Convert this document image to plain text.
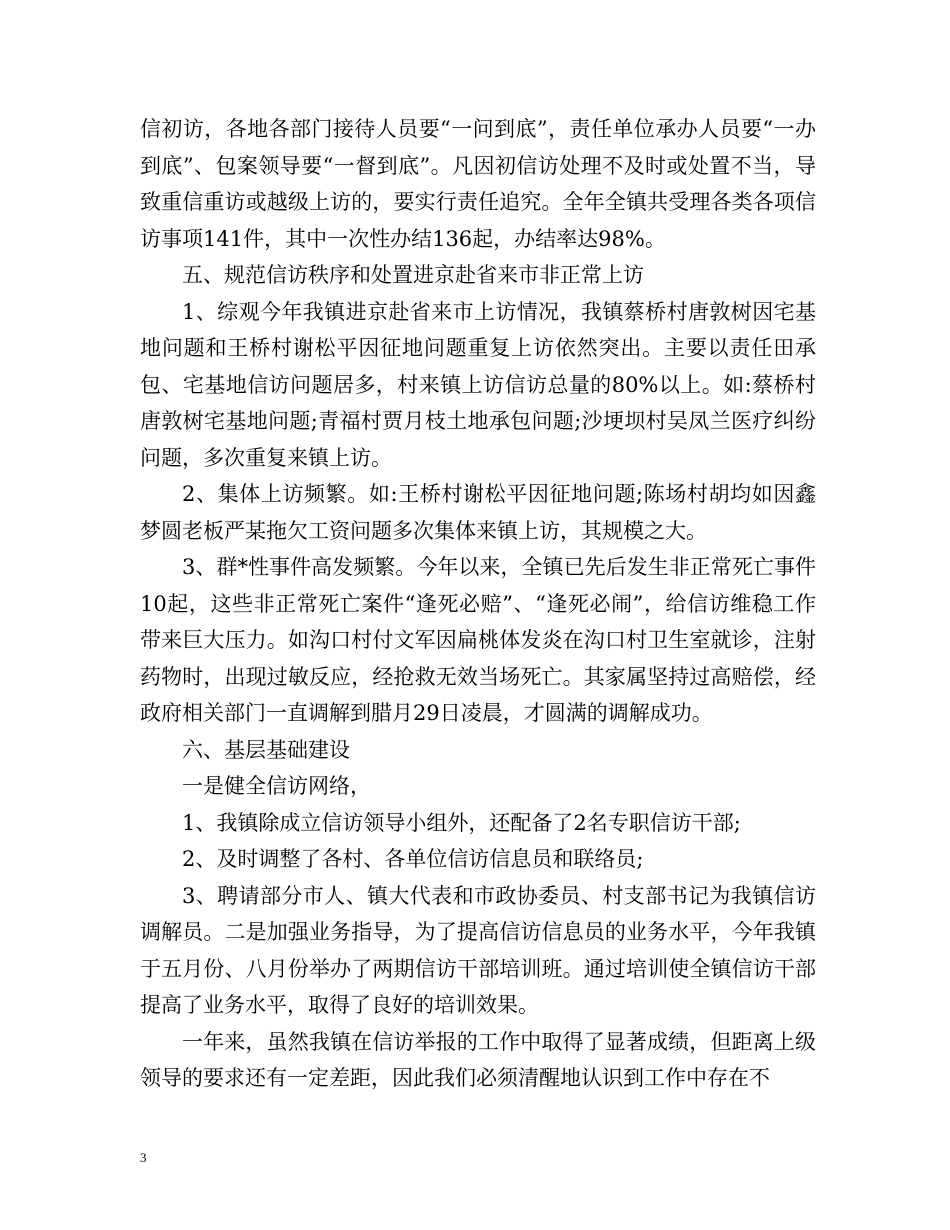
信初访，各地各部门接待人员要“一问到底”，责任单位承办人员要“一办到底”、包案领导要“一督到底”。凡因初信访处理不及时或处置不当，导致重信重访或越级上访的，要实行责任追究。全年全镇共受理各类各项信访事项141件，其中一次性办结136起，办结率达98%。

五、规范信访秩序和处置进京赴省来市非正常上访

1、综观今年我镇进京赴省来市上访情况，我镇蔡桥村唐敦树因宅基地问题和王桥村谢松平因征地问题重复上访依然突出。主要以责任田承包、宅基地信访问题居多，村来镇上访信访总量的80%以上。如:蔡桥村唐敦树宅基地问题;青福村贾月枝土地承包问题;沙埂坝村吴凤兰医疗纠纷问题，多次重复来镇上访。

2、集体上访频繁。如:王桥村谢松平因征地问题;陈场村胡均如因鑫梦圆老板严某拖欠工资问题多次集体来镇上访，其规模之大。

3、群*性事件高发频繁。今年以来，全镇已先后发生非正常死亡事件10起，这些非正常死亡案件“逢死必赔”、“逢死必闹”，给信访维稳工作带来巨大压力。如沟口村付文军因扁桃体发炎在沟口村卫生室就诊，注射药物时，出现过敏反应，经抢救无效当场死亡。其家属坚持过高赔偿，经政府相关部门一直调解到腊月29日凌晨，才圆满的调解成功。

六、基层基础建设

一是健全信访网络，

1、我镇除成立信访领导小组外，还配备了2名专职信访干部;

2、及时调整了各村、各单位信访信息员和联络员;

3、聘请部分市人、镇大代表和市政协委员、村支部书记为我镇信访调解员。二是加强业务指导，为了提高信访信息员的业务水平，今年我镇于五月份、八月份举办了两期信访干部培训班。通过培训使全镇信访干部提高了业务水平，取得了良好的培训效果。

一年来，虽然我镇在信访举报的工作中取得了显著成绩，但距离上级领导的要求还有一定差距，因此我们必须清醒地认识到工作中存在不

3
